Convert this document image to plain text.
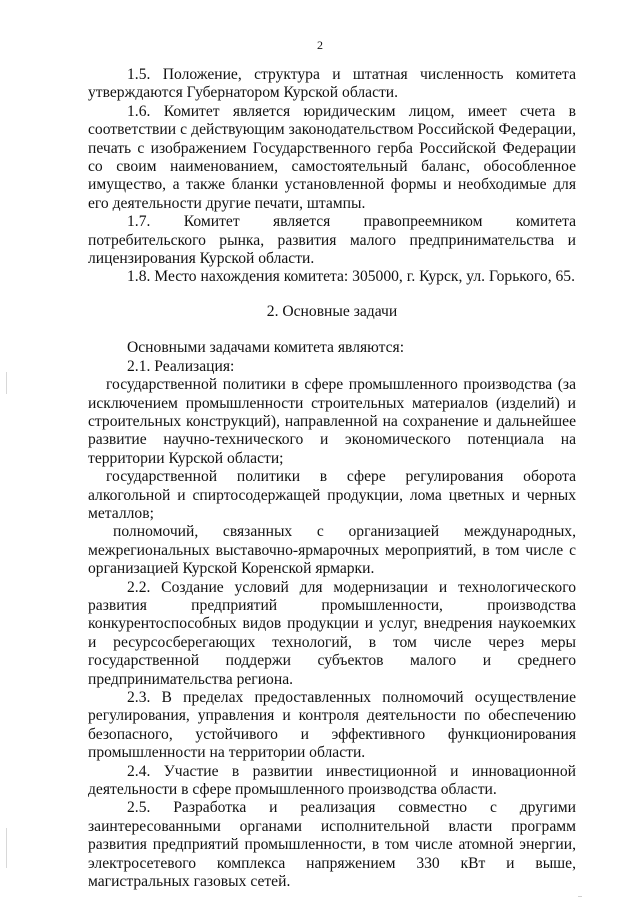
2

1.5. Положение, структура и штатная численность комитета утверждаются Губернатором Курской области.

1.6. Комитет является юридическим лицом, имеет счета в соответствии с действующим законодательством Российской Федерации, печать с изображением Государственного герба Российской Федерации со своим наименованием, самостоятельный баланс, обособленное имущество, а также бланки установленной формы и необходимые для его деятельности другие печати, штампы.

1.7. Комитет является правопреемником комитета потребительского рынка, развития малого предпринимательства и лицензирования Курской области.

1.8. Место нахождения комитета: 305000, г. Курск, ул. Горького, 65.

2. Основные задачи

Основными задачами комитета являются:

2.1. Реализация:

государственной политики в сфере промышленного производства (за исключением промышленности строительных материалов (изделий) и строительных конструкций), направленной на сохранение и дальнейшее развитие научно-технического и экономического потенциала на территории Курской области;

государственной политики в сфере регулирования оборота алкогольной и спиртосодержащей продукции, лома цветных и черных металлов;

полномочий, связанных с организацией международных, межрегиональных выставочно-ярмарочных мероприятий, в том числе с организацией Курской Коренской ярмарки.

2.2. Создание условий для модернизации и технологического развития предприятий промышленности, производства конкурентоспособных видов продукции и услуг, внедрения наукоемких и ресурсосберегающих технологий, в том числе через меры государственной поддержи субъектов малого и среднего предпринимательства региона.

2.3. В пределах предоставленных полномочий осуществление регулирования, управления и контроля деятельности по обеспечению безопасного, устойчивого и эффективного функционирования промышленности на территории области.

2.4. Участие в развитии инвестиционной и инновационной деятельности в сфере промышленного производства области.

2.5. Разработка и реализация совместно с другими заинтересованными органами исполнительной власти программ развития предприятий промышленности, в том числе атомной энергии, электросетевого комплекса напряжением 330 кВт и выше, магистральных газовых сетей.
